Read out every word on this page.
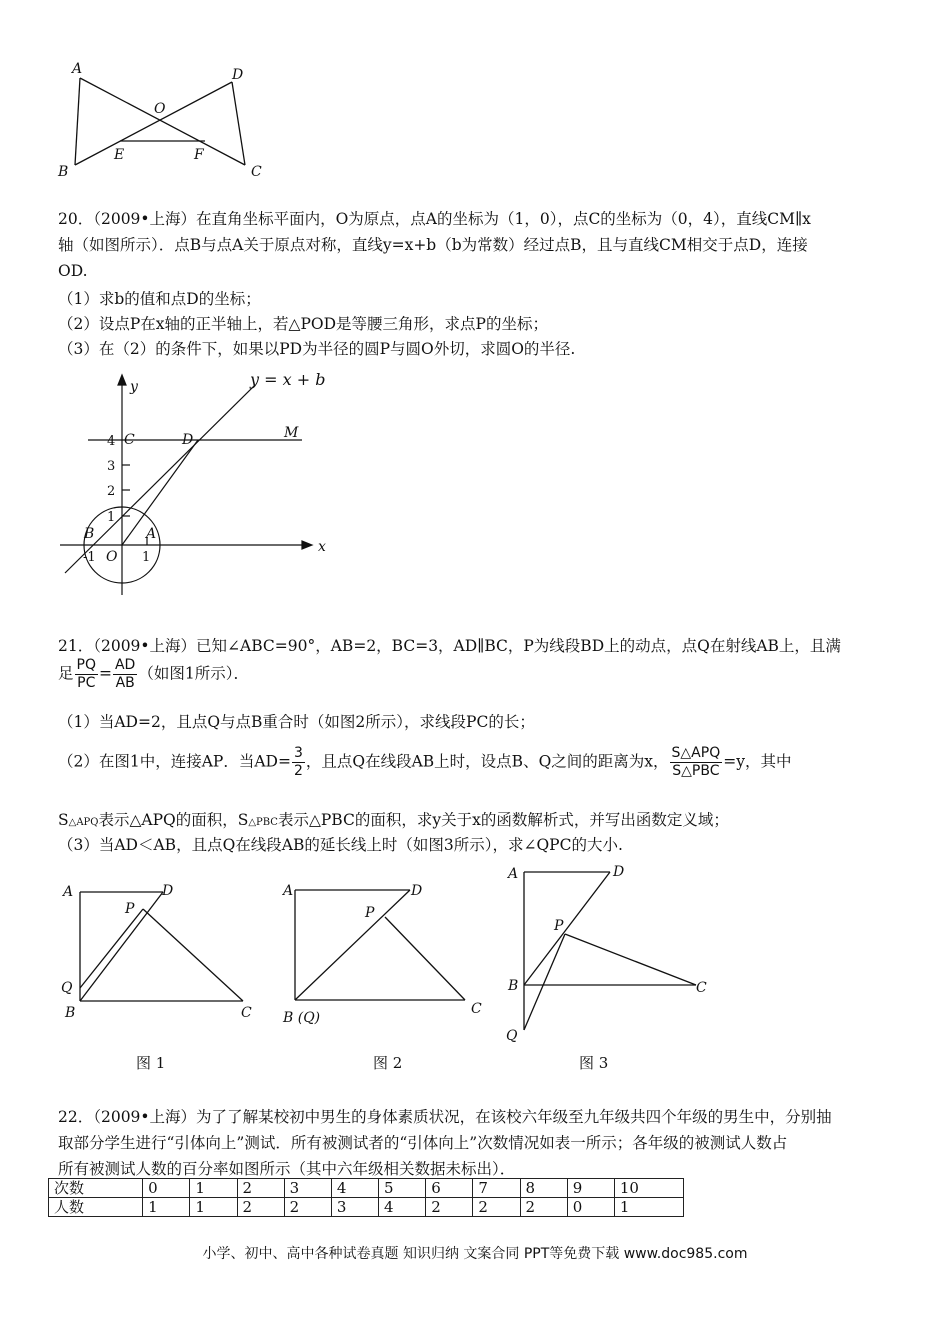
A
B	C
D
O
E	F
20．（2009•上海）在直角坐标平面内，O为原点，点A的坐标为（1，0），点C的坐标为（0，4），直线CM∥x
轴（如图所示）．点B与点A关于原点对称，直线y=x+b（b为常数）经过点B，且与直线CM相交于点D，连接
OD.
（1）求b的值和点D的坐标；
（2）设点P在x轴的正半轴上，若△POD是等腰三角形，求点P的坐标；
（3）在（2）的条件下，如果以PD为半径的圆P与圆O外切，求圆O的半径.
y = x + b
y
x
4
3
2
1
-1	1
C	D	M
B	A
O
21．（2009•上海）已知∠ABC=90°，AB=2，BC=3，AD∥BC，P为线段BD上的动点，点Q在射线AB上，且满
足 $\frac{PQ}{PC} = \frac{AD}{AB}$ （如图1所示）．
（1）当AD=2，且点Q与点B重合时（如图2所示），求线段PC的长；
（2）在图1中，连接AP．当$AD= \frac{3}{2}$ ，且点Q在线段AB上时，设点B、Q之间的距离为x， $\frac{\text{S△APQ}}{\text{S△PBC}} =y$，其中
S△APQ表示△APQ的面积，S△PBC表示△PBC的面积，求y关于x的函数解析式，并写出函数定义域；
（3）当AD＜AB，且点Q在线段AB的延长线上时（如图3所示），求∠QPC的大小.
A	D
P
Q
B	C
图 1
A	D
P
B (Q)
C
图 2
A	D
P
B	C
Q
图 3
22．（2009•上海）为了了解某校初中男生的身体素质状况，在该校六年级至九年级共四个年级的男生中，分别抽
取部分学生进行“引体向上”测试．所有被测试者的“引体向上”次数情况如表一所示；各年级的被测试人数占
所有被测试人数的百分率如图所示（其中六年级相关数据未标出）．
次数	0	1	2	3	4	5	6	7	8	9	10
人数	1	1	2	2	3	4	2	2	2	0	1
小学、初中、高中各种试卷真题 知识归纳 文案合同 PPT等免费下载 www.doc985.com
